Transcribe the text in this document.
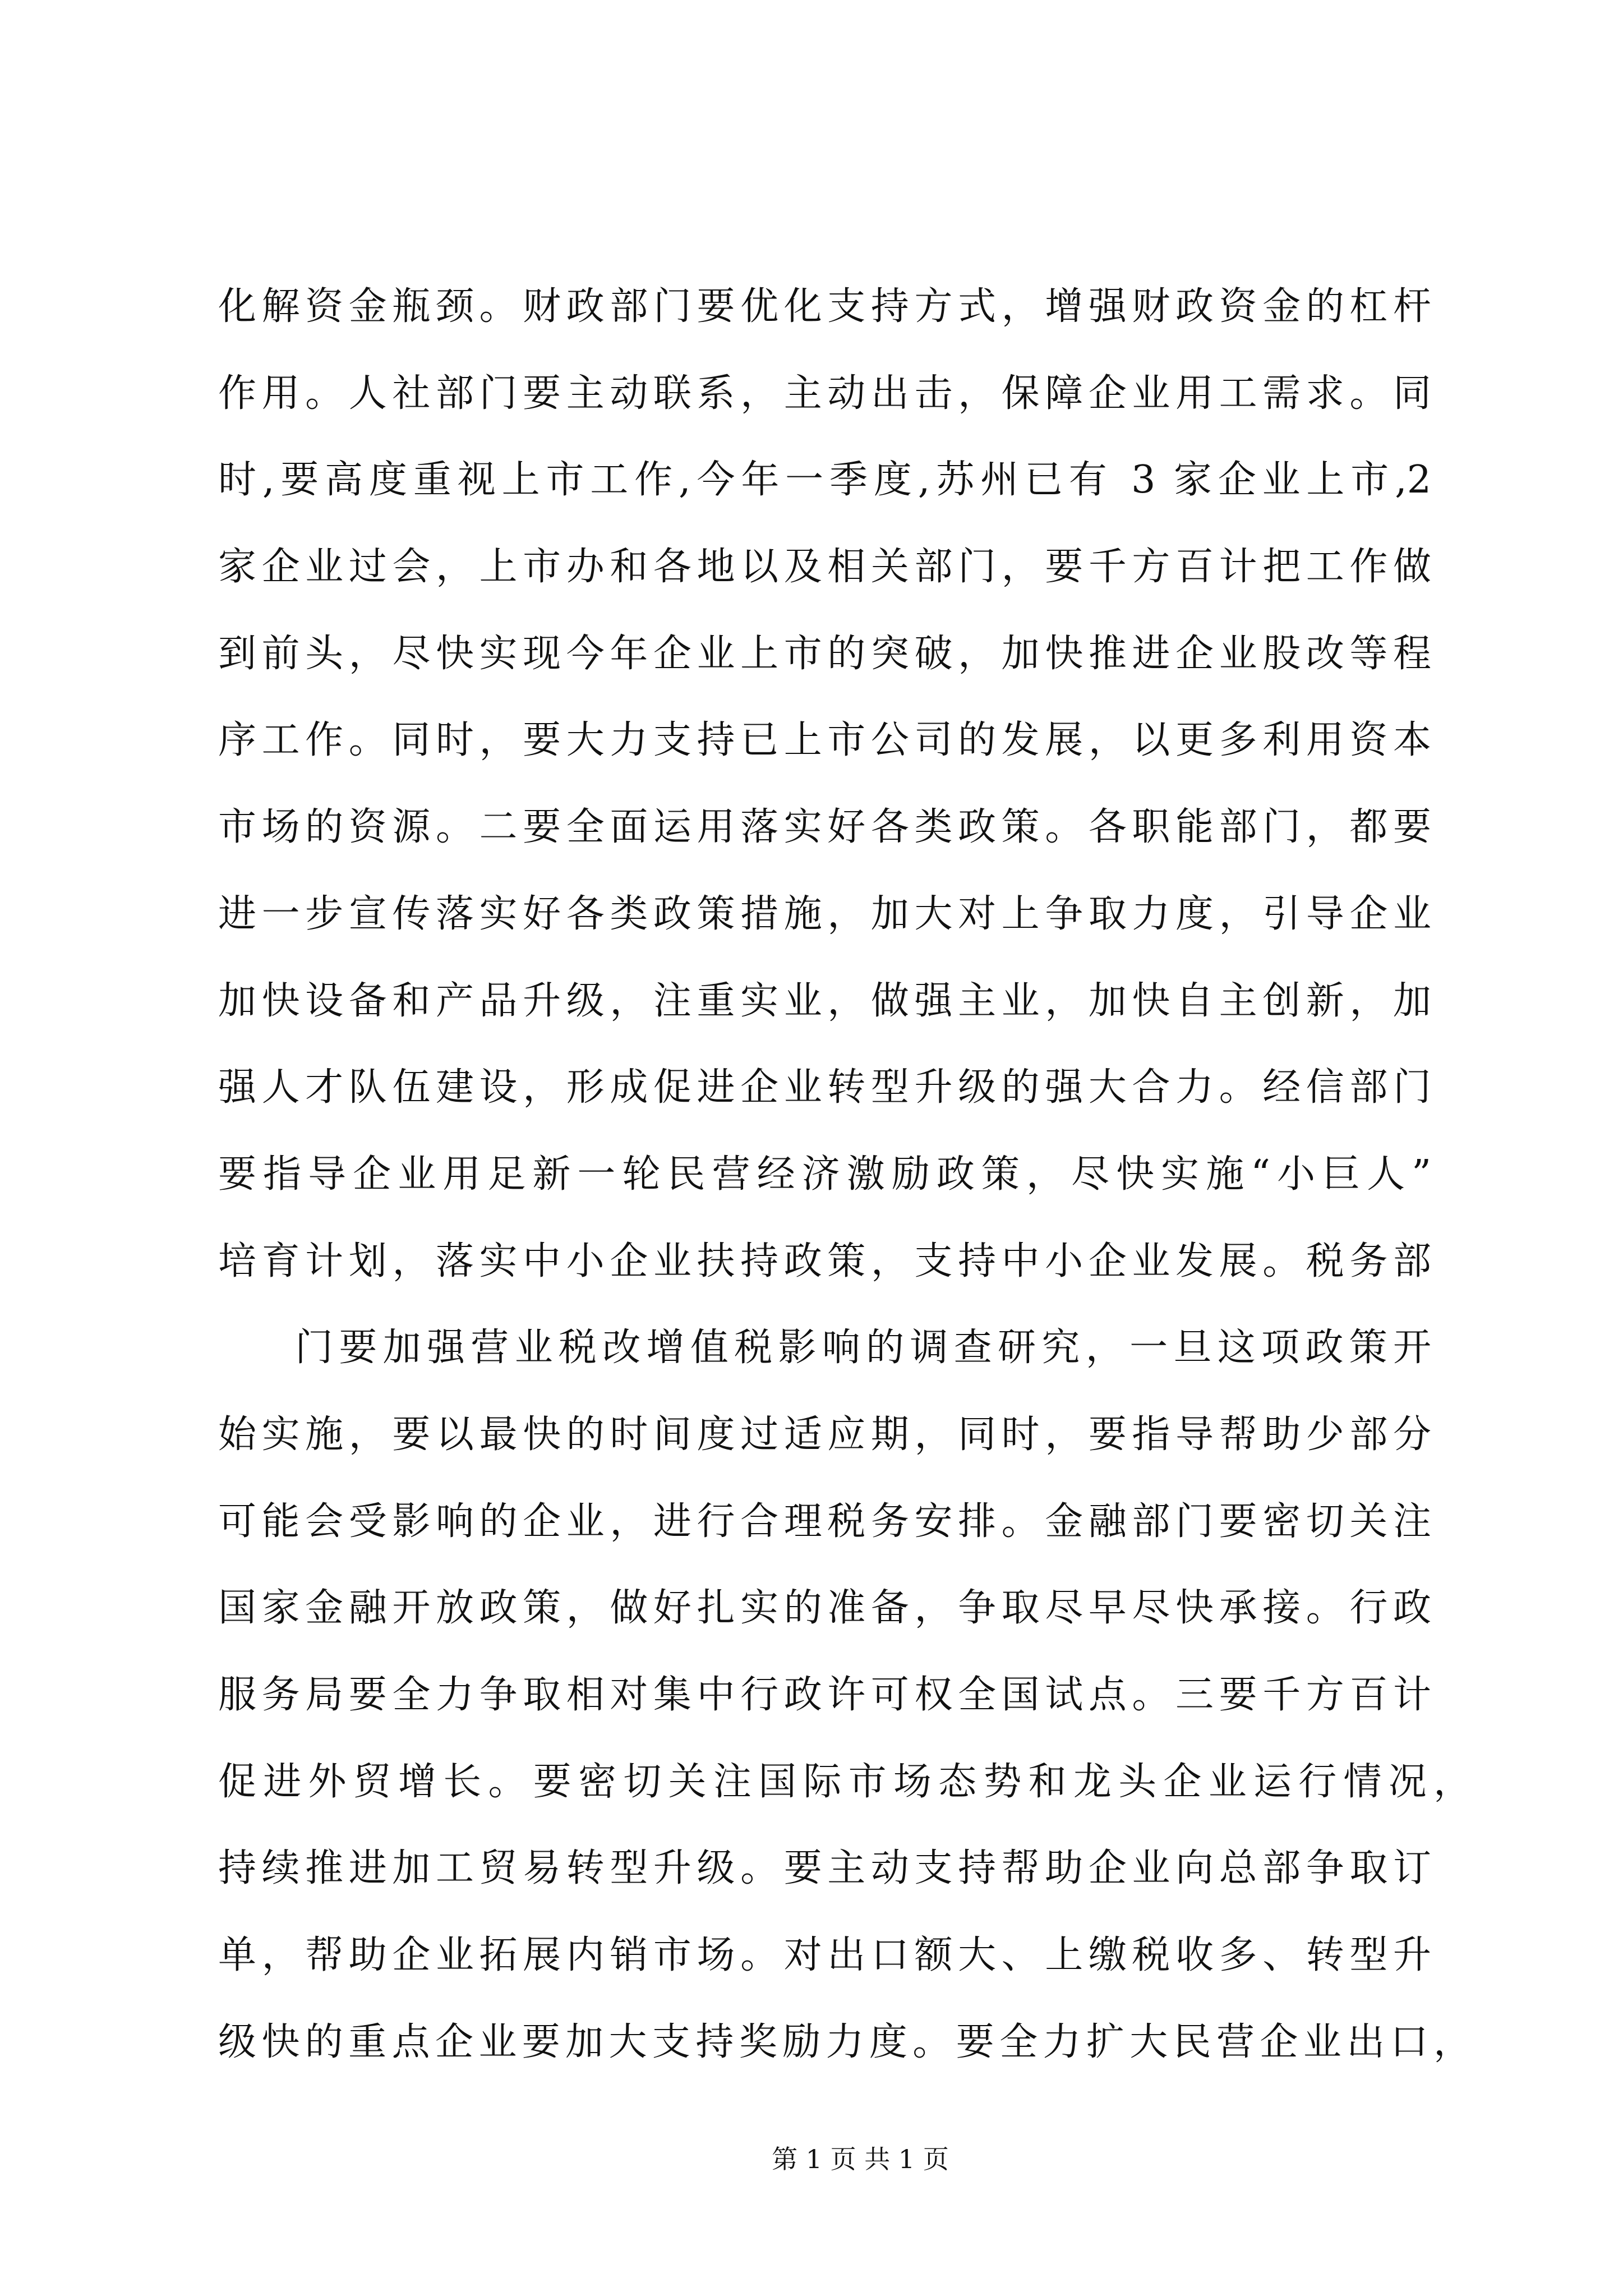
化解资金瓶颈。财政部门要优化支持方式，增强财政资金的杠杆
作用。人社部门要主动联系，主动出击，保障企业用工需求。同
时,要高度重视上市工作,今年一季度,苏州已有 3 家企业上市,2
家企业过会，上市办和各地以及相关部门，要千方百计把工作做
到前头，尽快实现今年企业上市的突破，加快推进企业股改等程
序工作。同时，要大力支持已上市公司的发展，以更多利用资本
市场的资源。二要全面运用落实好各类政策。各职能部门，都要
进一步宣传落实好各类政策措施，加大对上争取力度，引导企业
加快设备和产品升级，注重实业，做强主业，加快自主创新，加
强人才队伍建设，形成促进企业转型升级的强大合力。经信部门
要指导企业用足新一轮民营经济激励政策，尽快实施“小巨人”
培育计划，落实中小企业扶持政策，支持中小企业发展。税务部
门要加强营业税改增值税影响的调查研究，一旦这项政策开
始实施，要以最快的时间度过适应期，同时，要指导帮助少部分
可能会受影响的企业，进行合理税务安排。金融部门要密切关注
国家金融开放政策，做好扎实的准备，争取尽早尽快承接。行政
服务局要全力争取相对集中行政许可权全国试点。三要千方百计
促进外贸增长。要密切关注国际市场态势和龙头企业运行情况，
持续推进加工贸易转型升级。要主动支持帮助企业向总部争取订
单，帮助企业拓展内销市场。对出口额大、上缴税收多、转型升
级快的重点企业要加大支持奖励力度。要全力扩大民营企业出口，
第 1 页 共 1 页
